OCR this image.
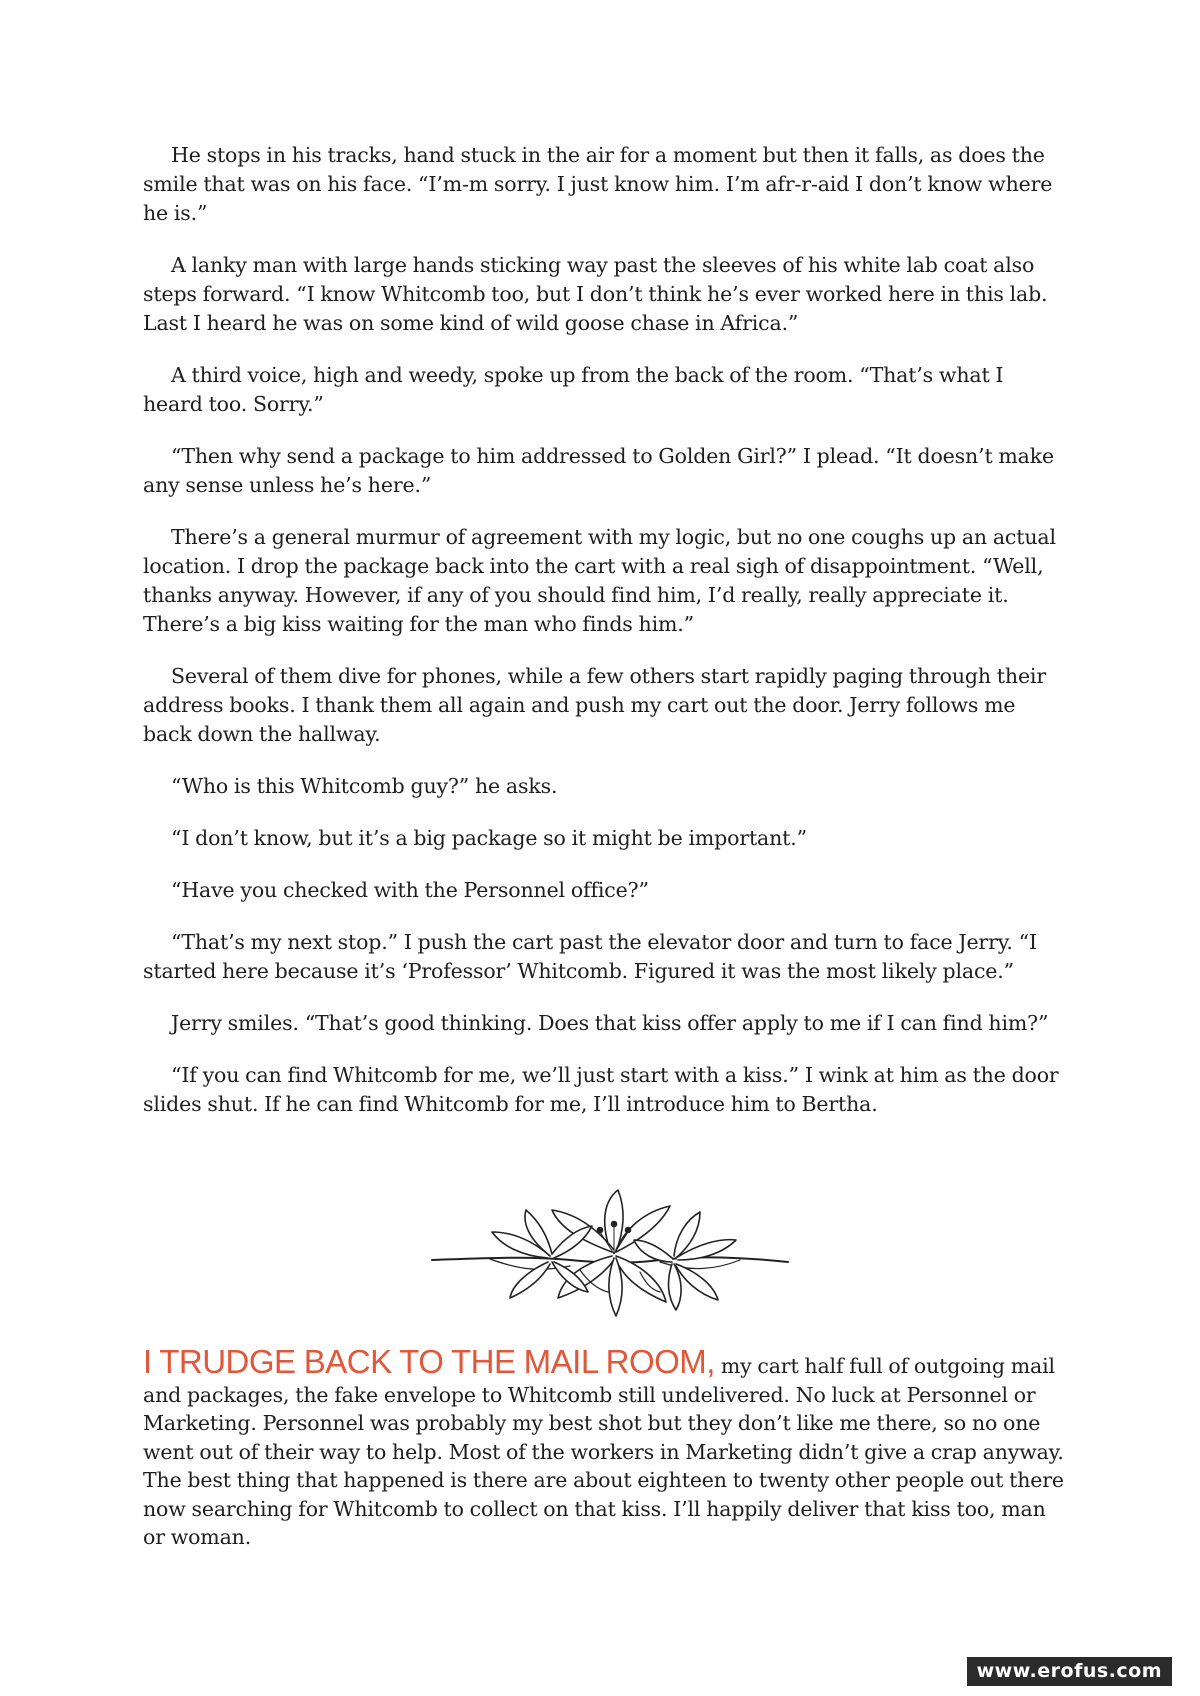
He stops in his tracks, hand stuck in the air for a moment but then it falls, as does the smile that was on his face. “I’m-m sorry. I just know him. I’m afr-r-aid I don’t know where he is.”

A lanky man with large hands sticking way past the sleeves of his white lab coat also steps forward. “I know Whitcomb too, but I don’t think he’s ever worked here in this lab. Last I heard he was on some kind of wild goose chase in Africa.”

A third voice, high and weedy, spoke up from the back of the room. “That’s what I heard too. Sorry.”

“Then why send a package to him addressed to Golden Girl?” I plead. “It doesn’t make any sense unless he’s here.”

There’s a general murmur of agreement with my logic, but no one coughs up an actual location. I drop the package back into the cart with a real sigh of disappointment. “Well, thanks anyway. However, if any of you should find him, I’d really, really appreciate it. There’s a big kiss waiting for the man who finds him.”

Several of them dive for phones, while a few others start rapidly paging through their address books. I thank them all again and push my cart out the door. Jerry follows me back down the hallway.

“Who is this Whitcomb guy?” he asks.

“I don’t know, but it’s a big package so it might be important.”

“Have you checked with the Personnel office?”

“That’s my next stop.” I push the cart past the elevator door and turn to face Jerry. “I started here because it’s ‘Professor’ Whitcomb. Figured it was the most likely place.”

Jerry smiles. “That’s good thinking. Does that kiss offer apply to me if I can find him?”

“If you can find Whitcomb for me, we’ll just start with a kiss.” I wink at him as the door slides shut. If he can find Whitcomb for me, I’ll introduce him to Bertha.

I TRUDGE BACK TO THE MAIL ROOM, my cart half full of outgoing mail and packages, the fake envelope to Whitcomb still undelivered. No luck at Personnel or Marketing. Personnel was probably my best shot but they don’t like me there, so no one went out of their way to help. Most of the workers in Marketing didn’t give a crap anyway. The best thing that happened is there are about eighteen to twenty other people out there now searching for Whitcomb to collect on that kiss. I’ll happily deliver that kiss too, man or woman.

www.erofus.com
